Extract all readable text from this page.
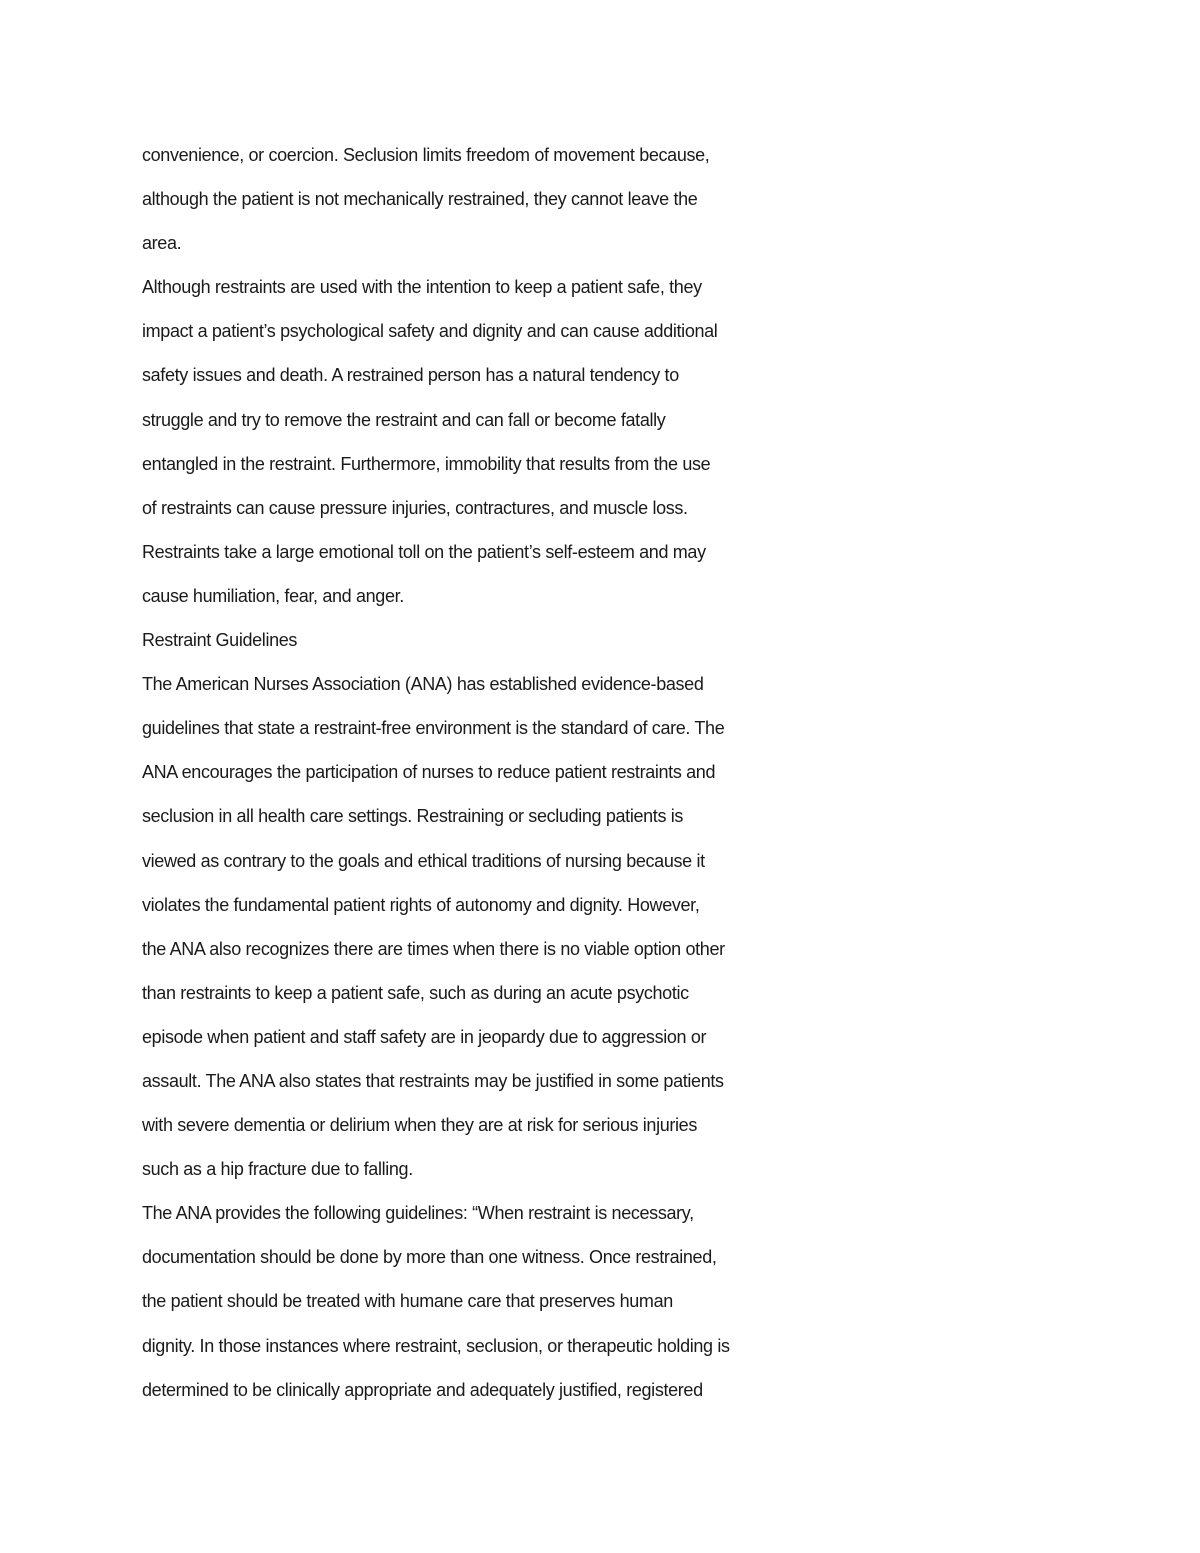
convenience, or coercion. Seclusion limits freedom of movement because,
although the patient is not mechanically restrained, they cannot leave the
area.
Although restraints are used with the intention to keep a patient safe, they
impact a patient’s psychological safety and dignity and can cause additional
safety issues and death. A restrained person has a natural tendency to
struggle and try to remove the restraint and can fall or become fatally
entangled in the restraint. Furthermore, immobility that results from the use
of restraints can cause pressure injuries, contractures, and muscle loss.
Restraints take a large emotional toll on the patient’s self-esteem and may
cause humiliation, fear, and anger.
Restraint Guidelines
The American Nurses Association (ANA) has established evidence-based
guidelines that state a restraint-free environment is the standard of care. The
ANA encourages the participation of nurses to reduce patient restraints and
seclusion in all health care settings. Restraining or secluding patients is
viewed as contrary to the goals and ethical traditions of nursing because it
violates the fundamental patient rights of autonomy and dignity. However,
the ANA also recognizes there are times when there is no viable option other
than restraints to keep a patient safe, such as during an acute psychotic
episode when patient and staff safety are in jeopardy due to aggression or
assault. The ANA also states that restraints may be justified in some patients
with severe dementia or delirium when they are at risk for serious injuries
such as a hip fracture due to falling.
The ANA provides the following guidelines: “When restraint is necessary,
documentation should be done by more than one witness. Once restrained,
the patient should be treated with humane care that preserves human
dignity. In those instances where restraint, seclusion, or therapeutic holding is
determined to be clinically appropriate and adequately justified, registered
